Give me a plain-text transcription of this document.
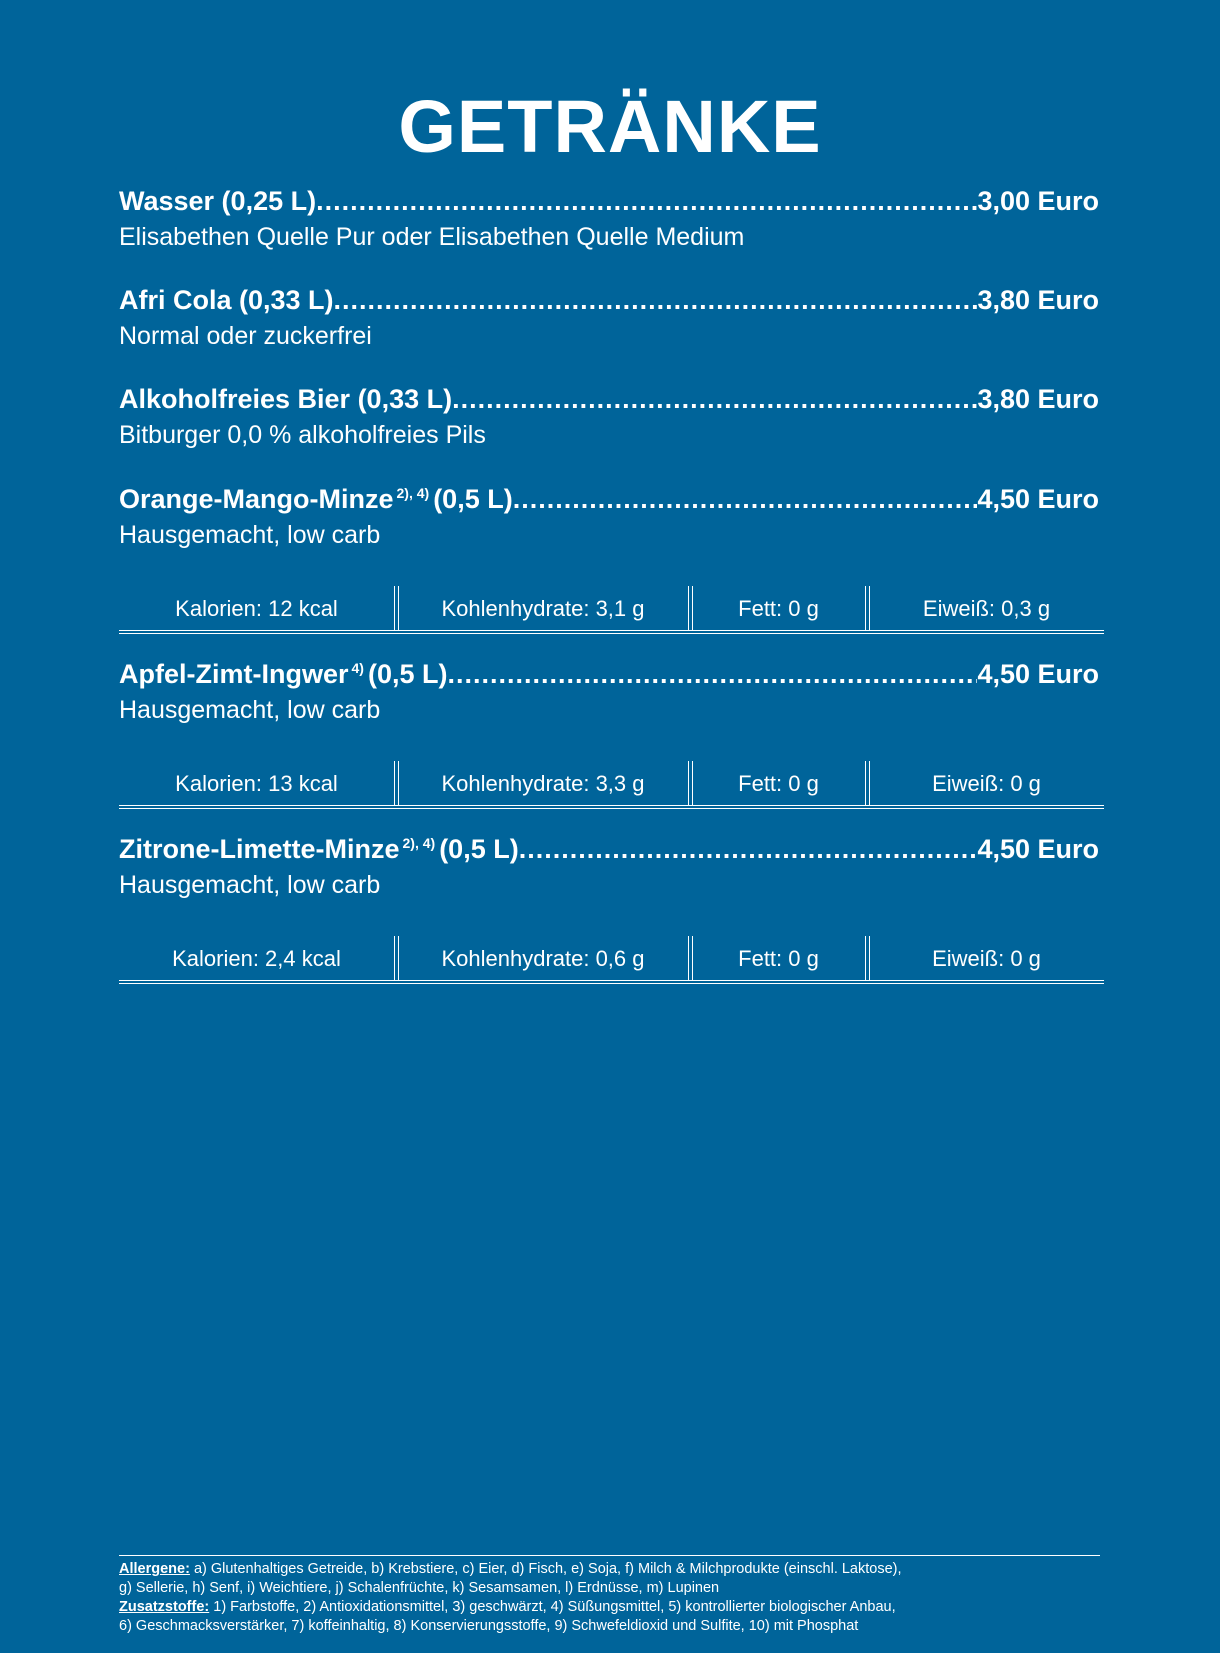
GETRÄNKE
Wasser (0,25 L) .....	3,00 Euro
Elisabethen Quelle Pur oder Elisabethen Quelle Medium
Afri Cola (0,33 L) .....	3,80 Euro
Normal oder zuckerfrei
Alkoholfreies Bier (0,33 L) .....	3,80 Euro
Bitburger 0,0 % alkoholfreies Pils
Orange-Mango-Minze $^{2), 4)}$ (0,5 L) .....	4,50 Euro
Hausgemacht, low carb
Kalorien: 12 kcal	Kohlenhydrate: 3,1 g	Fett: 0 g	Eiweiß: 0,3 g
Apfel-Zimt-Ingwer $^{4)}$ (0,5 L) .....	4,50 Euro
Hausgemacht, low carb
Kalorien: 13 kcal	Kohlenhydrate: 3,3 g	Fett: 0 g	Eiweiß: 0 g
Zitrone-Limette-Minze $^{2), 4)}$ (0,5 L) .....	4,50 Euro
Hausgemacht, low carb
Kalorien: 2,4 kcal	Kohlenhydrate: 0,6 g	Fett: 0 g	Eiweiß: 0 g
Allergene: a) Glutenhaltiges Getreide, b) Krebstiere, c) Eier, d) Fisch, e) Soja, f) Milch & Milchprodukte (einschl. Laktose),
g) Sellerie, h) Senf, i) Weichtiere, j) Schalenfrüchte, k) Sesamsamen, l) Erdnüsse, m) Lupinen
Zusatzstoffe: 1) Farbstoffe, 2) Antioxidationsmittel, 3) geschwärzt, 4) Süßungsmittel, 5) kontrollierter biologischer Anbau,
6) Geschmacksverstärker, 7) koffeinhaltig, 8) Konservierungsstoffe, 9) Schwefeldioxid und Sulfite, 10) mit Phosphat
